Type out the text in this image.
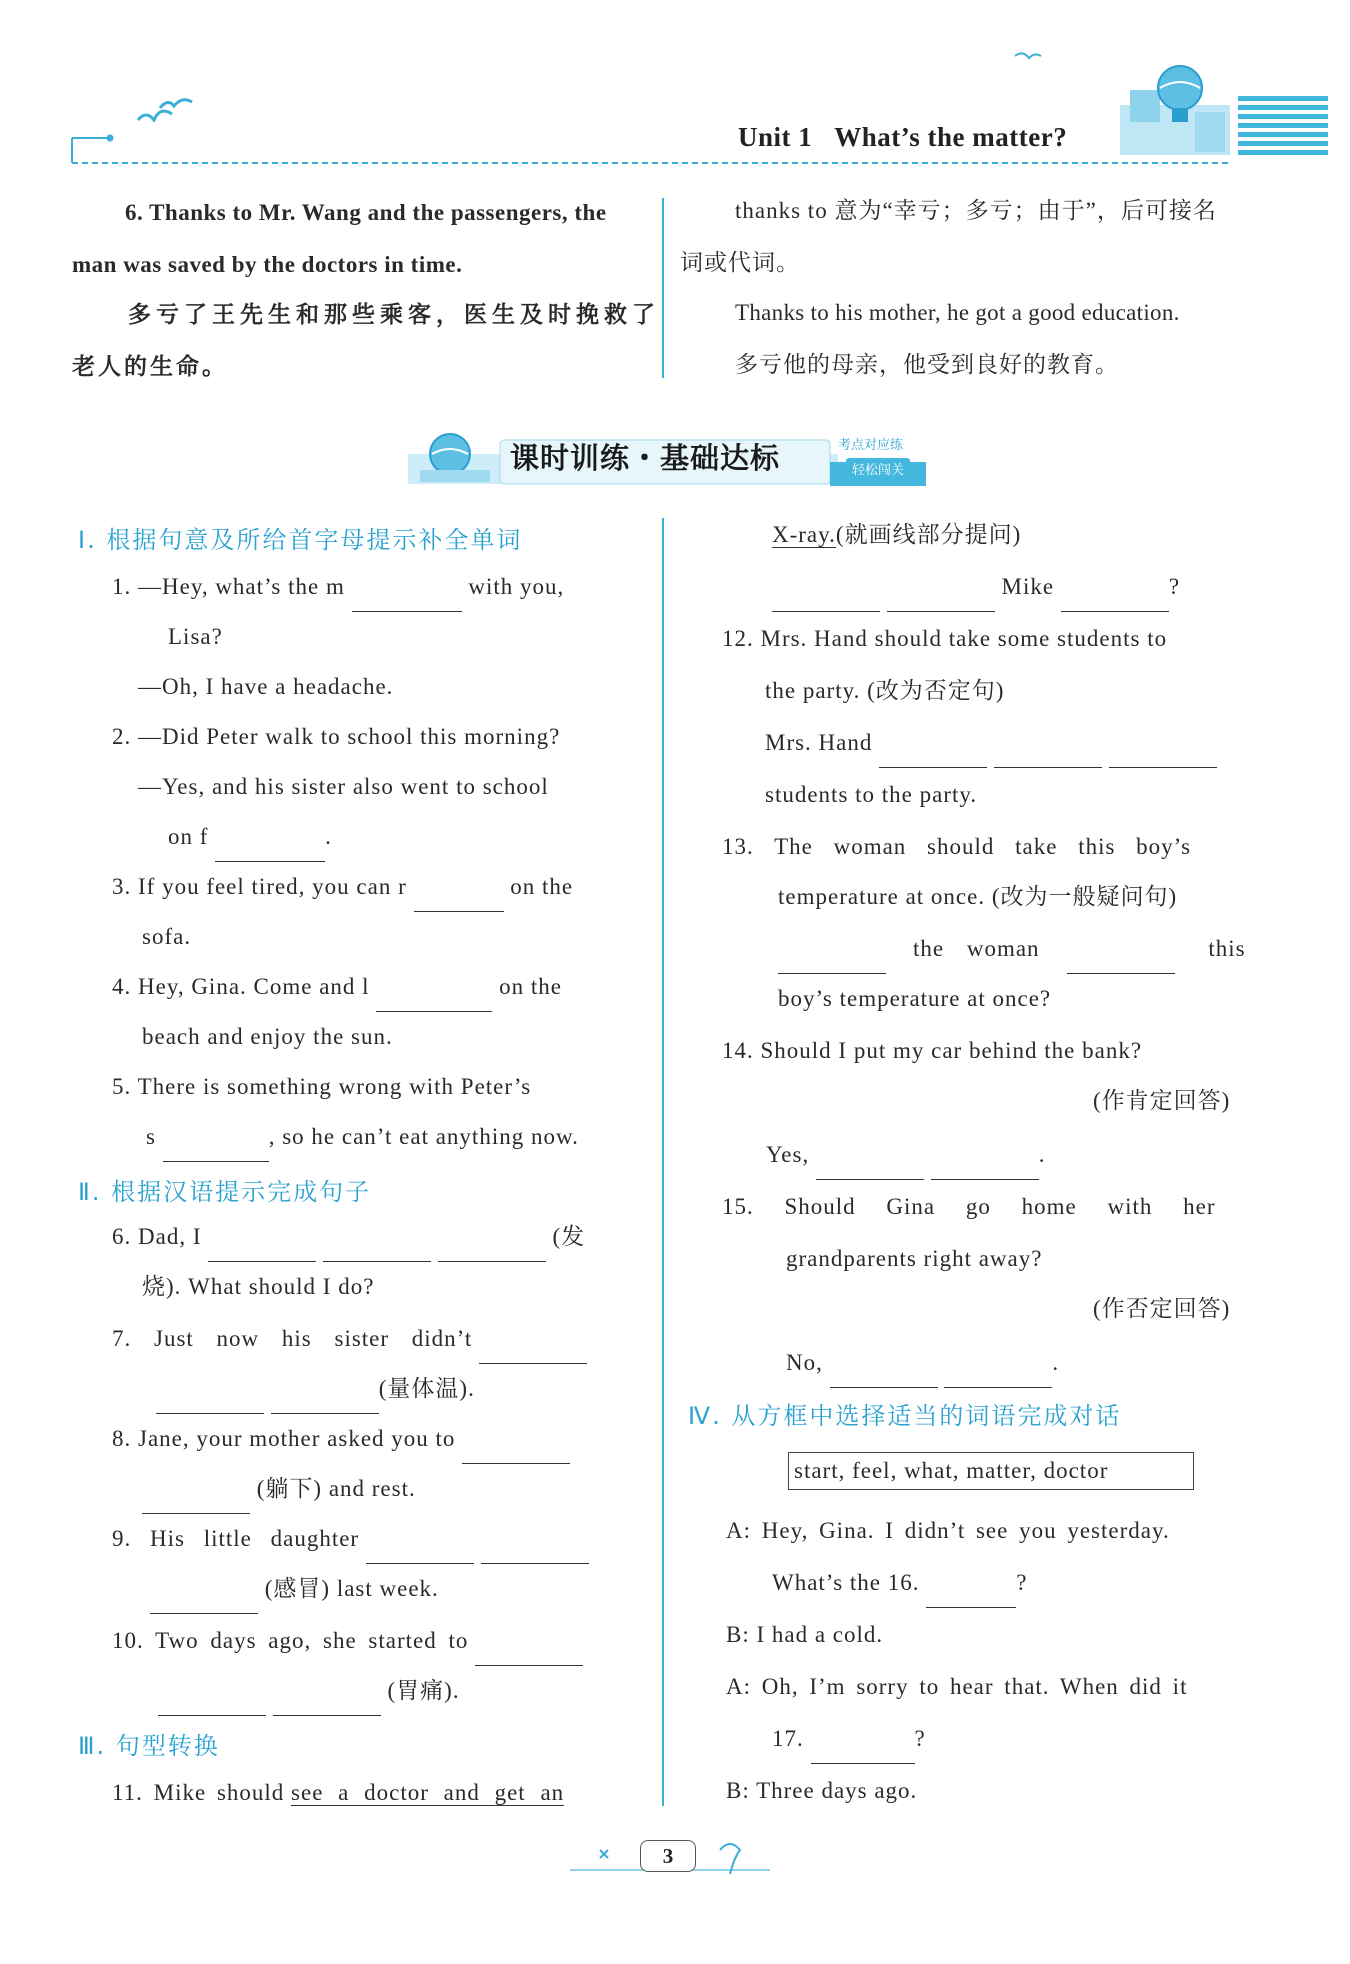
Unit 1 What’s the matter?
6. Thanks to Mr. Wang and the passengers, the
man was saved by the doctors in time.
多亏了王先生和那些乘客，医生及时挽救了
老人的生命。
thanks to 意为“幸亏；多亏；由于”，后可接名
词或代词。
Thanks to his mother, he got a good education.
多亏他的母亲，他受到良好的教育。
课时训练・基础达标	考点对应练
轻松闯关
Ⅰ. 根据句意及所给首字母提示补全单词
1. —Hey, what’s the m	with you,
Lisa?
—Oh, I have a headache.
2. —Did Peter walk to school this morning?
—Yes, and his sister also went to school
on f	.
3. If you feel tired, you can r	on the
sofa.
4. Hey, Gina. Come and l	on the
beach and enjoy the sun.
5. There is something wrong with Peter’s
s	, so he can’t eat anything now.
Ⅱ. 根据汉语提示完成句子
6. Dad, I	(发
烧). What should I do?
7. Just now his sister didn’t
(量体温).
8. Jane, your mother asked you to
(躺下) and rest.
9. His little daughter
(感冒) last week.
10. Two days ago, she started to
(胃痛).
Ⅲ. 句型转换
11. Mike should see a doctor and get an
X-ray.(就画线部分提问)
Mike	?
12. Mrs. Hand should take some students to
the party. (改为否定句)
Mrs. Hand
students to the party.
13. The woman should take this boy’s
temperature at once. (改为一般疑问句)
the woman	this
boy’s temperature at once?
14. Should I put my car behind the bank?
(作肯定回答)
Yes,	.
15. Should Gina go home with her
grandparents right away?
(作否定回答)
No,	.
Ⅳ. 从方框中选择适当的词语完成对话
start, feel, what, matter, doctor
A: Hey, Gina. I didn’t see you yesterday.
What’s the 16.	?
B: I had a cold.
A: Oh, I’m sorry to hear that. When did it
17.	?
B: Three days ago.
3
